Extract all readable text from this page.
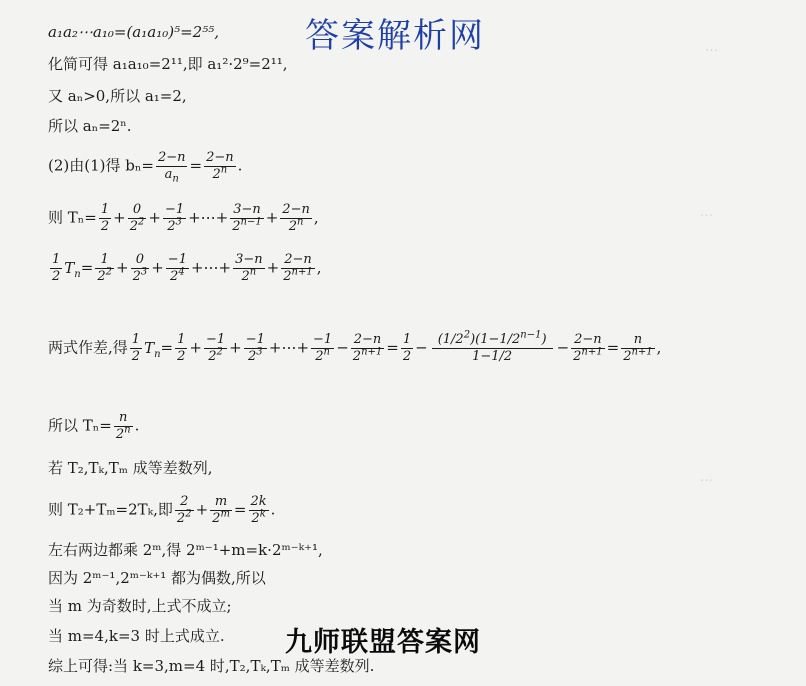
…
…
…
答案解析网
a₁a₂⋯a₁₀=(a₁a₁₀)⁵=2⁵⁵,
化简可得 a₁a₁₀=2¹¹,即 a₁²·2⁹=2¹¹,
又 aₙ>0,所以 a₁=2,
所以 aₙ=2ⁿ.
(2)由(1)得 $b_n= \frac{2-n}{a_n} = \frac{2-n}{2^n}$ .
则 $T_n= \frac{1}{2} + \frac{0}{2^2} + \frac{-1}{2^3}$ +⋯+ $\frac{3-n}{2^{n-1}} + \frac{2-n}{2^n}$ ,
$\frac{1}{2} T_n= \frac{1}{2^2} + \frac{0}{2^3} + \frac{-1}{2^4}$ +⋯+ $\frac{3-n}{2^n} + \frac{2-n}{2^{n+1}}$ ,
两式作差,得 $\frac{1}{2} T_n= \frac{1}{2} + \frac{-1}{2^2} + \frac{-1}{2^3}$ +⋯+ $\frac{-1}{2^n} - \frac{2-n}{2^{n+1}} = \frac{1}{2} - \frac{(1/2^2)(1-1/2^{n-1})}{1-1/2} - \frac{2-n}{2^{n+1}} = \frac{n}{2^{n+1}}$ ,
所以 $T_n= \frac{n}{2^n}$ .
若 T₂,Tₖ,Tₘ 成等差数列,
则 T₂+Tₘ=2Tₖ,即 $\frac{2}{2^2} + \frac{m}{2^m} = \frac{2k}{2^k}$ .
左右两边都乘 2ᵐ,得 2ᵐ⁻¹+m=k·2ᵐ⁻ᵏ⁺¹,
因为 2ᵐ⁻¹,2ᵐ⁻ᵏ⁺¹ 都为偶数,所以
当 m 为奇数时,上式不成立;
当 m=4,k=3 时上式成立.
综上可得:当 k=3,m=4 时,T₂,Tₖ,Tₘ 成等差数列.
九师联盟答案网
